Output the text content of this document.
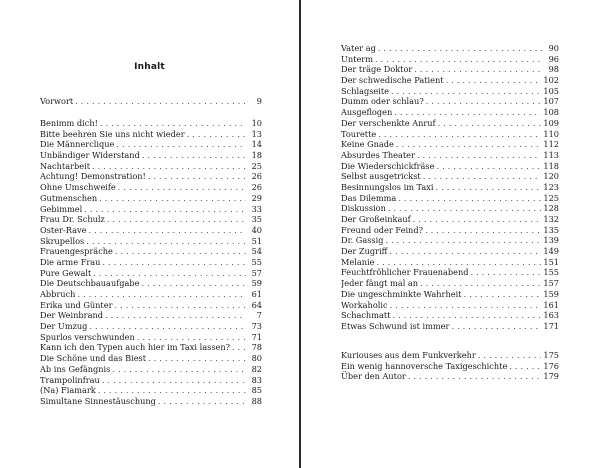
Inhalt
Vorwort . . .	9
Benimm dich! . . .	10
Bitte beehren Sie uns nicht wieder . . .	13
Die Männerclique . . .	14
Unbändiger Widerstand . . .	18
Nachtarbeit . . .	25
Achtung! Demonstration! . . .	26
Ohne Umschweife . . .	26
Gutmenschen . . .	29
Gebimmel . . .	33
Frau Dr. Schulz . . .	35
Oster-Rave . . .	40
Skrupellos . . .	51
Frauengespräche . . .	54
Die arme Frau . . .	55
Pure Gewalt . . .	57
Die Deutschbauaufgabe . . .	59
Abbruch . . .	61
Erika und Günter . . .	64
Der Weinbrand . . .	7
Der Umzug . . .	73
Spurlos verschwunden . . .	71
Kann ich den Typen auch hier im Taxi lassen? . . .	78
Die Schöne und das Biest . . .	80
Ab ins Gefängnis . . .	82
Trampolinfrau . . .	83
(Na) Fiamark . . .	85
Simultane Sinnestäuschung . . .	88
Vater ag . . .	90
Unterm . . .	96
Der träge Doktor . . .	98
Der schwedische Patient . . .	102
Schlagseite . . .	105
Dumm oder schlau? . . .	107
Ausgeflogen . . .	108
Der verschenkte Anruf . . .	109
Tourette . . .	110
Keine Gnade . . .	112
Absurdes Theater . . .	113
Die Wiederschickfräse . . .	118
Selbst ausgetrickst . . .	120
Besinnungslos im Taxi . . .	123
Das Dilemma . . .	125
Diskussion . . .	128
Der Großeinkauf . . .	132
Freund oder Feind? . . .	135
Dr. Gassig . . .	139
Der Zugriff . . .	149
Melanie . . .	151
Feuchtfröhlicher Frauenabend . . .	155
Jeder fängt mal an . . .	157
Die ungeschminkte Wahrheit . . .	159
Workaholic . . .	161
Schachmatt . . .	163
Etwas Schwund ist immer . . .	171
Kuriouses aus dem Funkverkehr . . .	175
Ein wenig hannoversche Taxigeschichte . . .	176
Über den Autor . . .	179
